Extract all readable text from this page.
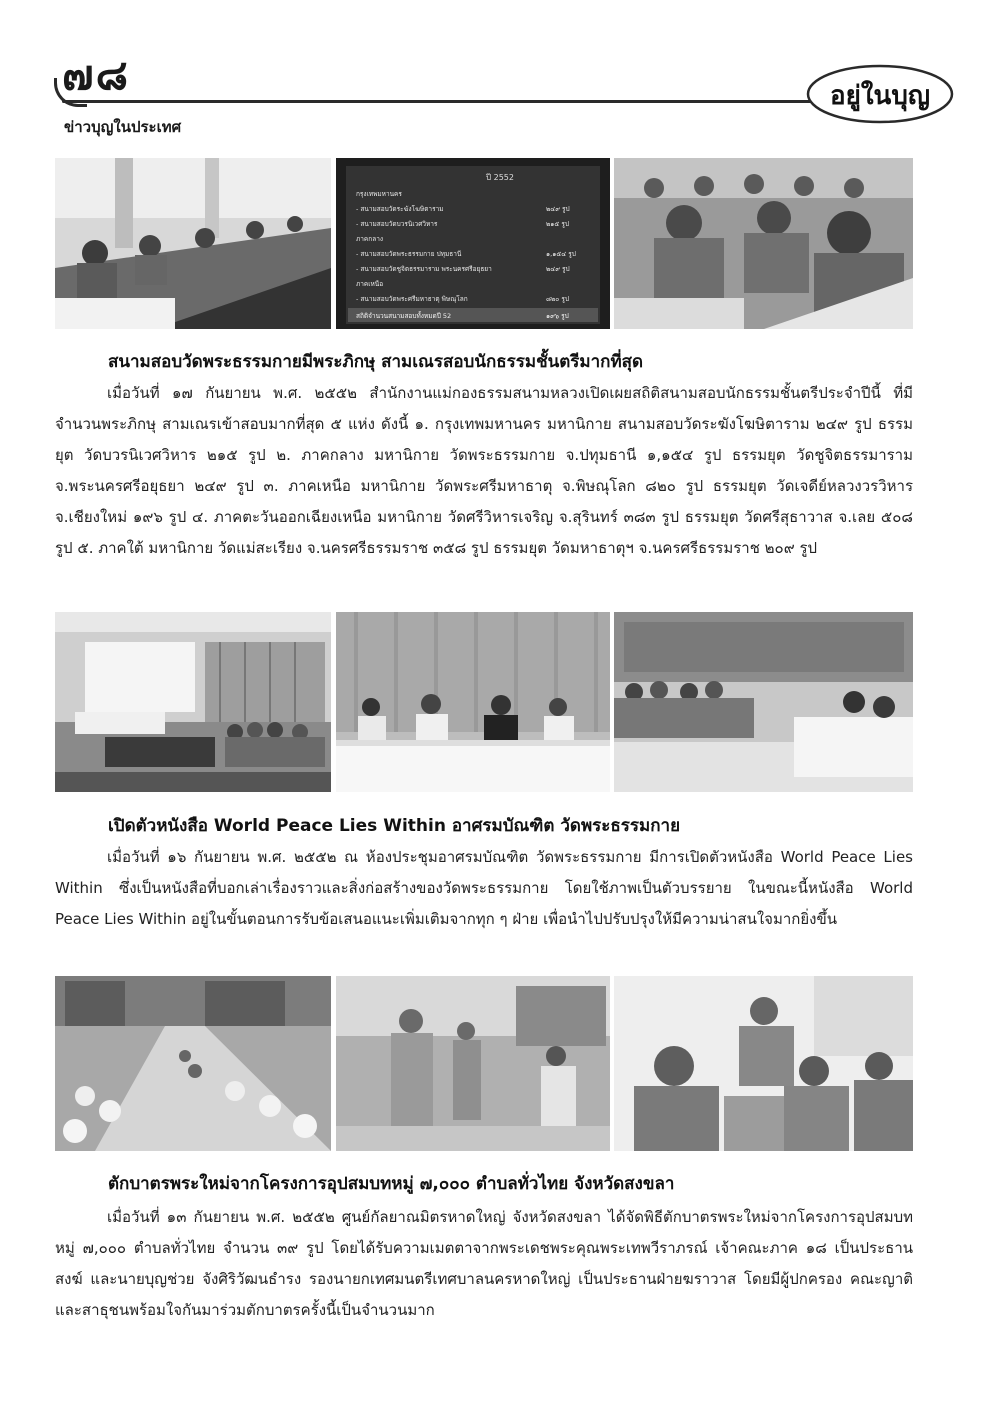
๗๘	อยู่ในบุญ
ข่าวบุญในประเทศ
ปี 2552
กรุงเทพมหานคร
- สนามสอบวัดระฆังโฆษิตาราม	๒๔๙ รูป
- สนามสอบวัดบวรนิเวศวิหาร	๒๑๕ รูป
ภาคกลาง
- สนามสอบวัดพระธรรมกาย ปทุมธานี	๑,๑๕๔ รูป
- สนามสอบวัดชูจิตธรรมาราม พระนครศรีอยุธยา	๒๔๙ รูป
ภาคเหนือ
- สนามสอบวัดพระศรีมหาธาตุ พิษณุโลก	๘๒๐ รูป
สถิติจำนวนสนามสอบทั้งหมดปี 52	๑๙๖ รูป
สนามสอบวัดพระธรรมกายมีพระภิกษุ สามเณรสอบนักธรรมชั้นตรีมากที่สุด

เมื่อวันที่ ๑๗ กันยายน พ.ศ. ๒๕๕๒ สำนักงานแม่กองธรรมสนามหลวงเปิดเผยสถิติสนามสอบนักธรรมชั้นตรีประจำปีนี้ ที่มีจำนวนพระภิกษุ สามเณรเข้าสอบมากที่สุด ๕ แห่ง ดังนี้ ๑. กรุงเทพมหานคร มหานิกาย สนามสอบวัดระฆังโฆษิตาราม ๒๔๙ รูป ธรรมยุต วัดบวรนิเวศวิหาร ๒๑๕ รูป ๒. ภาคกลาง มหานิกาย วัดพระธรรมกาย จ.ปทุมธานี ๑,๑๕๔ รูป ธรรมยุต วัดชูจิตธรรมาราม จ.พระนครศรีอยุธยา ๒๔๙ รูป ๓. ภาคเหนือ มหานิกาย วัดพระศรีมหาธาตุ จ.พิษณุโลก ๘๒๐ รูป ธรรมยุต วัดเจดีย์หลวงวรวิหาร จ.เชียงใหม่ ๑๙๖ รูป ๔. ภาคตะวันออกเฉียงเหนือ มหานิกาย วัดศรีวิหารเจริญ จ.สุรินทร์ ๓๘๓ รูป ธรรมยุต วัดศรีสุธาวาส จ.เลย ๕๐๘ รูป ๕. ภาคใต้ มหานิกาย วัดแม่สะเรียง จ.นครศรีธรรมราช ๓๕๘ รูป ธรรมยุต วัดมหาธาตุฯ จ.นครศรีธรรมราช ๒๐๙ รูป

เปิดตัวหนังสือ World Peace Lies Within อาศรมบัณฑิต วัดพระธรรมกาย

เมื่อวันที่ ๑๖ กันยายน พ.ศ. ๒๕๕๒ ณ ห้องประชุมอาศรมบัณฑิต วัดพระธรรมกาย มีการเปิดตัวหนังสือ World Peace Lies Within ซึ่งเป็นหนังสือที่บอกเล่าเรื่องราวและสิ่งก่อสร้างของวัดพระธรรมกาย โดยใช้ภาพเป็นตัวบรรยาย ในขณะนี้หนังสือ World Peace Lies Within อยู่ในขั้นตอนการรับข้อเสนอแนะเพิ่มเติมจากทุก ๆ ฝ่าย เพื่อนำไปปรับปรุงให้มีความน่าสนใจมากยิ่งขึ้น

ตักบาตรพระใหม่จากโครงการอุปสมบทหมู่ ๗,๐๐๐ ตำบลทั่วไทย จังหวัดสงขลา

เมื่อวันที่ ๑๓ กันยายน พ.ศ. ๒๕๕๒ ศูนย์กัลยาณมิตรหาดใหญ่ จังหวัดสงขลา ได้จัดพิธีตักบาตรพระใหม่จากโครงการอุปสมบทหมู่ ๗,๐๐๐ ตำบลทั่วไทย จำนวน ๓๙ รูป โดยได้รับความเมตตาจากพระเดชพระคุณพระเทพวีราภรณ์ เจ้าคณะภาค ๑๘ เป็นประธานสงฆ์ และนายบุญช่วย จังศิริวัฒนธำรง รองนายกเทศมนตรีเทศบาลนครหาดใหญ่ เป็นประธานฝ่ายฆราวาส โดยมีผู้ปกครอง คณะญาติ และสาธุชนพร้อมใจกันมาร่วมตักบาตรครั้งนี้เป็นจำนวนมาก
